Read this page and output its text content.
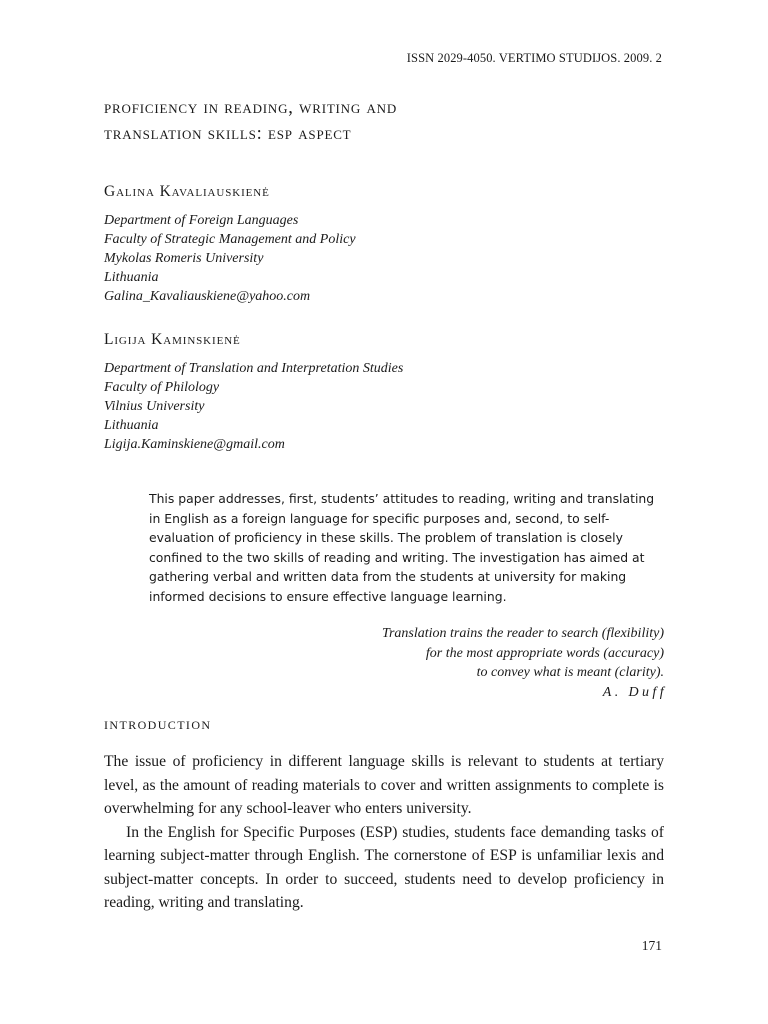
ISSN 2029-4050. VERTIMO STUDIJOS. 2009. 2
proficiency in reading, writing and
translation skills: esp aspect
Galina Kavaliauskienė
Department of Foreign Languages
Faculty of Strategic Management and Policy
Mykolas Romeris University
Lithuania
Galina_Kavaliauskiene@yahoo.com
Ligija Kaminskienė
Department of Translation and Interpretation Studies
Faculty of Philology
Vilnius University
Lithuania
Ligija.Kaminskiene@gmail.com

This paper addresses, first, students’ attitudes to reading, writing and translating in English as a foreign language for specific purposes and, second, to self-evaluation of proficiency in these skills. The problem of translation is closely confined to the two skills of reading and writing. The investigation has aimed at gathering verbal and written data from the students at university for making informed decisions to ensure effective language learning.

Translation trains the reader to search (flexibility)
for the most appropriate words (accuracy)
to convey what is meant (clarity).
A. Duff
introduction

The issue of proficiency in different language skills is relevant to students at tertiary level, as the amount of reading materials to cover and written assignments to complete is overwhelming for any school-leaver who enters university.

In the English for Specific Purposes (ESP) studies, students face demanding tasks of learning subject-matter through English. The cornerstone of ESP is unfamiliar lexis and subject-matter concepts. In order to succeed, students need to develop proficiency in reading, writing and translating.

171
